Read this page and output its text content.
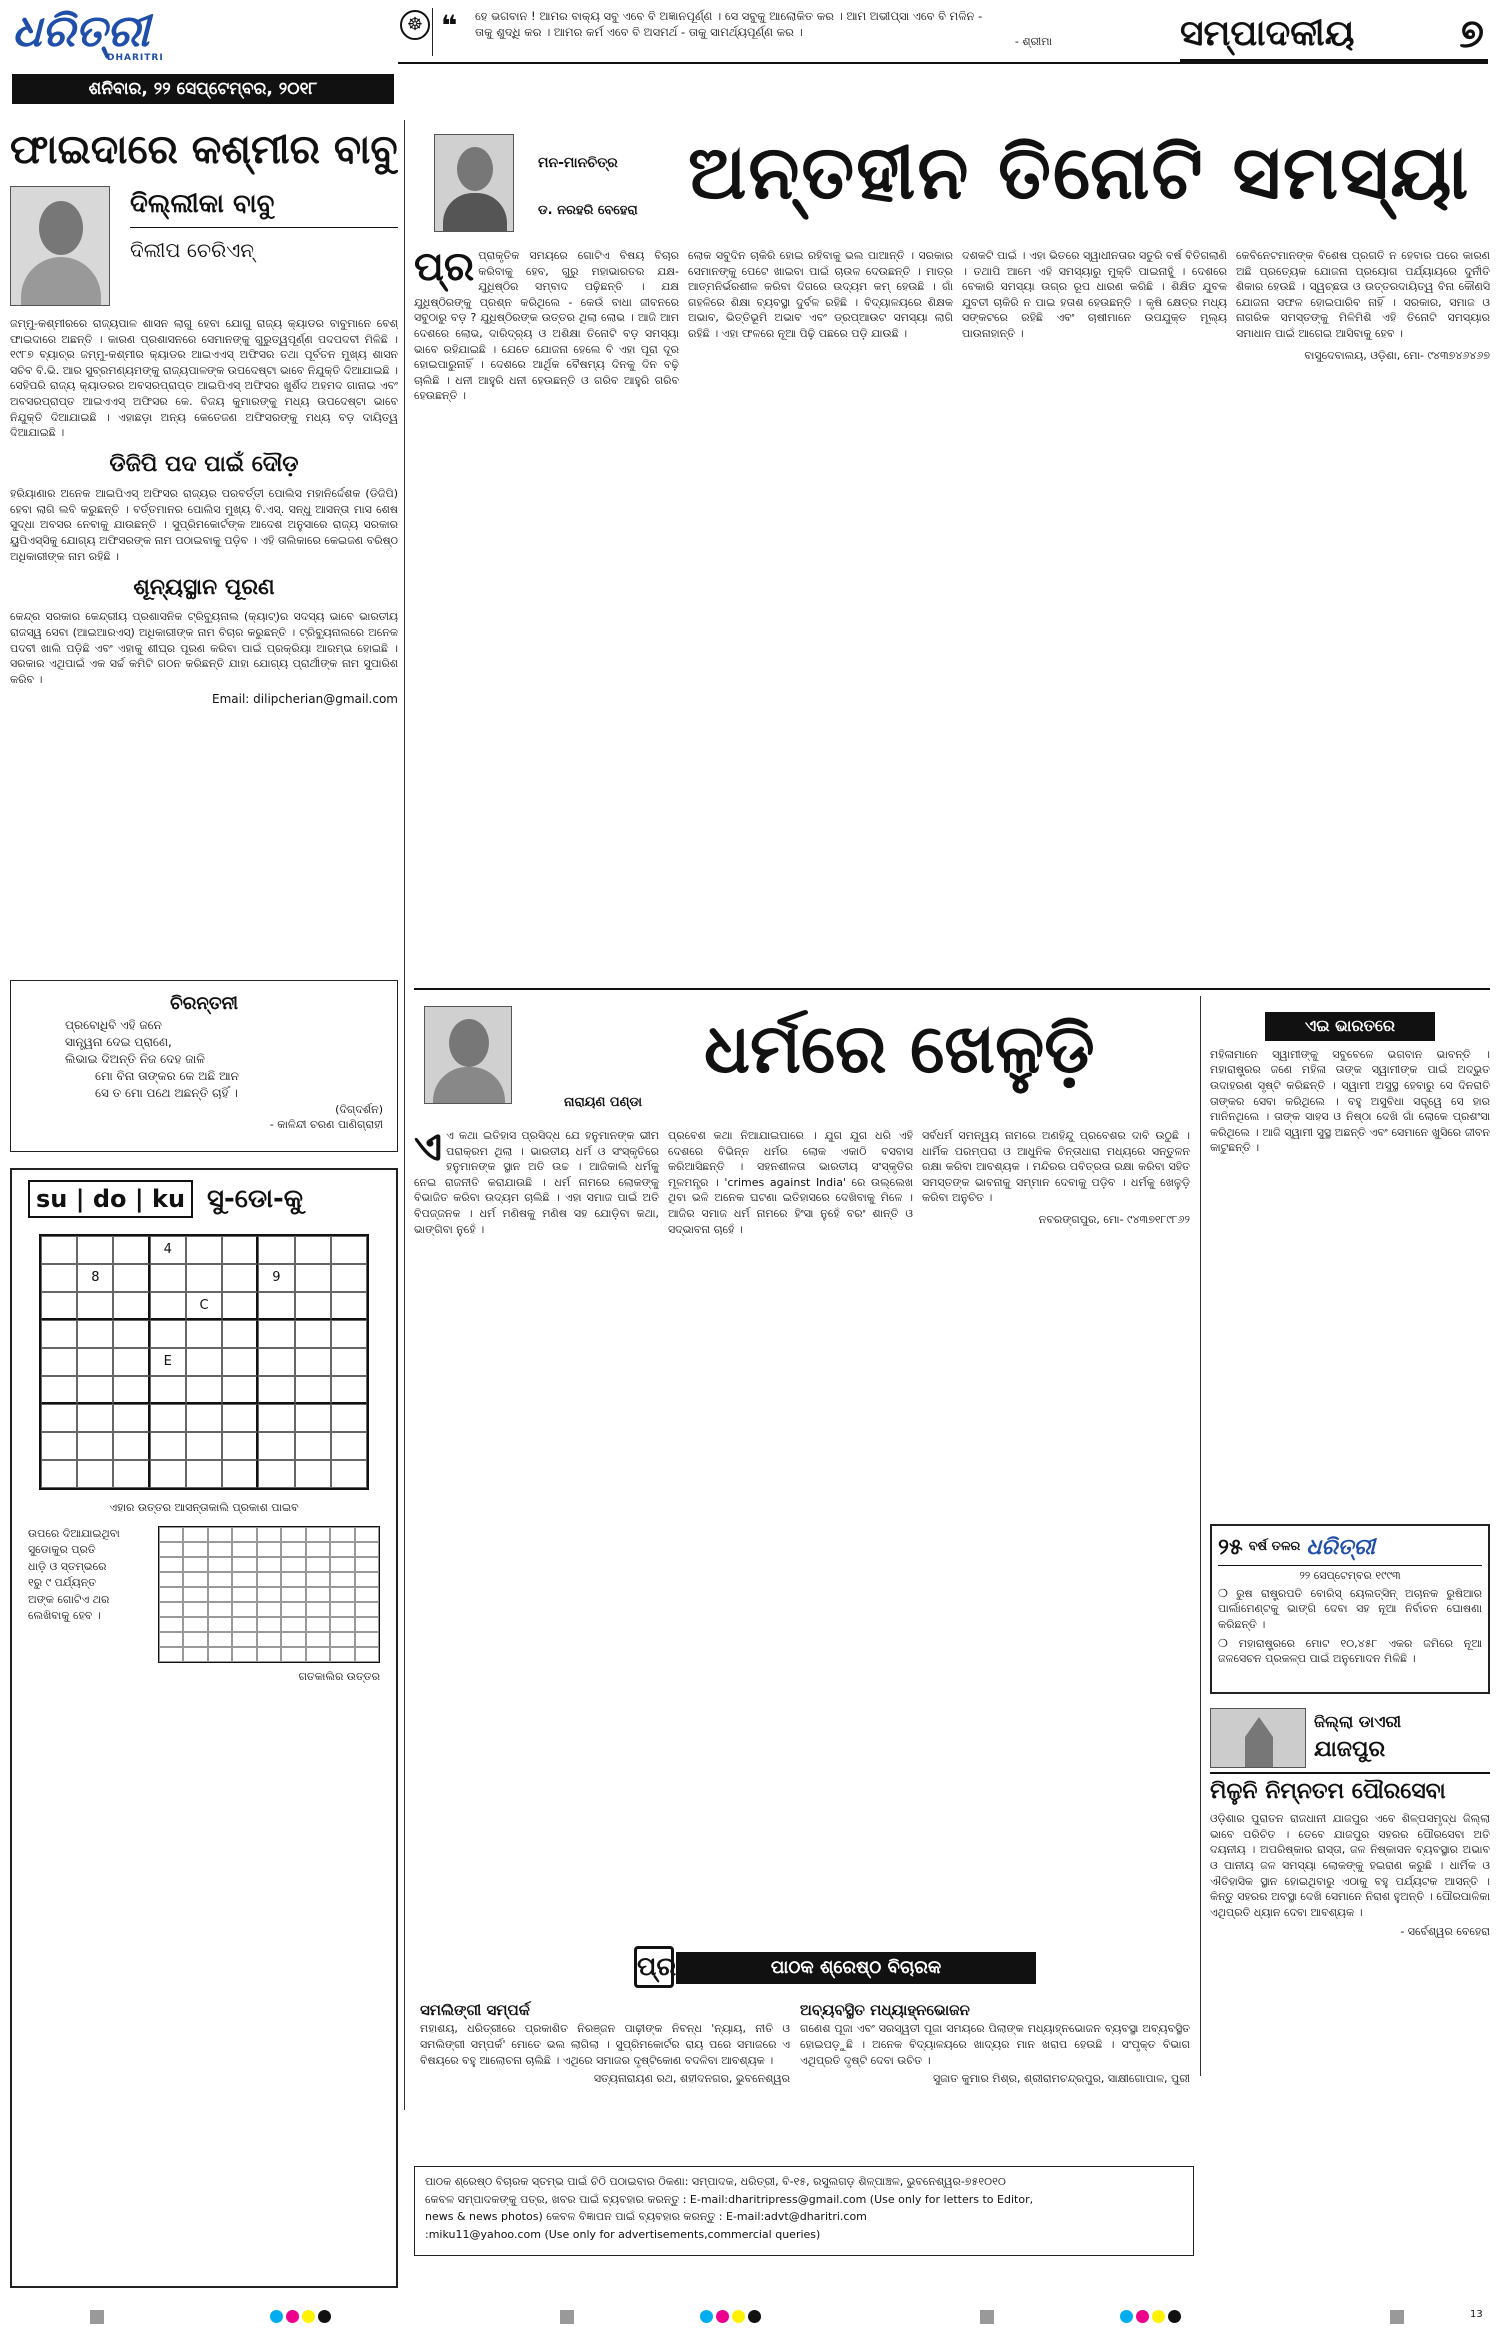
ଧରିତ୍ରୀ
DHARITRI
ଶନିବାର, ୨୨ ସେପ୍ଟେମ୍ବର, ୨୦୧୮
☸ ❝ ହେ ଭଗବାନ ! ଆମର ବାକ୍ୟ ସବୁ ଏବେ ବି ଅଜ୍ଞାନପୂର୍ଣ୍ଣ । ସେ ସବୁକୁ ଆଲୋକିତ କର । ଆମ ଅଭୀପ୍ସା ଏବେ ବି ମଳିନ -
ତାକୁ ଶୁଦ୍ଧି କର । ଆମର କର୍ମ ଏବେ ବି ଅସମର୍ଥ - ତାକୁ ସାମର୍ଥ୍ୟପୂର୍ଣ୍ଣ କର ।
- ଶ୍ରୀମା	ସମ୍ପାଦକୀୟ	୭
ଫାଇଦାରେ କଶ୍ମୀର ବାବୁ
ଦିଲ୍ଲୀକା ବାବୁ
ଦିଲୀପ ଚେରିଏନ୍‌

ଜମ୍ମୁ-କଶ୍ମୀରରେ ରାଜ୍ୟପାଳ ଶାସନ ଲାଗୁ ହେବା ଯୋଗୁ ରାଜ୍ୟ କ୍ୟାଡର ବାବୁମାନେ ବେଶ୍‌ ଫାଇଦାରେ ଅଛନ୍ତି । କାରଣ ପ୍ରଶାସନରେ ସେମାନଙ୍କୁ ଗୁରୁତ୍ୱପୂର୍ଣ୍ଣ ପଦପଦବୀ ମିଳିଛି । ୧୯୮୭ ବ୍ୟାଚ୍‌ର ଜମ୍ମୁ-କଶ୍ମୀର କ୍ୟାଡର ଆଇଏଏସ୍‌ ଅଫିସର ତଥା ପୂର୍ବତନ ମୁଖ୍ୟ ଶାସନ ସଚିବ ବି.ଭି. ଆର ସୁବ୍ରମଣ୍ୟମଙ୍କୁ ରାଜ୍ୟପାଳଙ୍କ ଉପଦେଷ୍ଟା ଭାବେ ନିଯୁକ୍ତି ଦିଆଯାଇଛି । ସେହିପରି ରାଜ୍ୟ କ୍ୟାଡରର ଅବସରପ୍ରାପ୍ତ ଆଇପିଏସ୍‌ ଅଫିସର ଖୁର୍ଶିଦ ଅହମଦ ଗାନାଇ ଏବଂ ଅବସରପ୍ରାପ୍ତ ଆଇଏଏସ୍‌ ଅଫିସର କେ. ବିଜୟ କୁମାରଙ୍କୁ ମଧ୍ୟ ଉପଦେଷ୍ଟା ଭାବେ ନିଯୁକ୍ତି ଦିଆଯାଇଛି । ଏହାଛଡ଼ା ଅନ୍ୟ କେତେଜଣ ଅଫିସରଙ୍କୁ ମଧ୍ୟ ବଡ଼ ଦାୟିତ୍ୱ ଦିଆଯାଇଛି ।

ଡିଜିପି ପଦ ପାଇଁ ଦୌଡ଼

ହରିୟାଣାର ଅନେକ ଆଇପିଏସ୍‌ ଅଫିସର ରାଜ୍ୟର ପରବର୍ତ୍ତୀ ପୋଲିସ ମହାନିର୍ଦ୍ଦେଶକ (ଡିଜିପି) ହେବା ଲାଗି ଲବି କରୁଛନ୍ତି । ବର୍ତ୍ତମାନର ପୋଲିସ ମୁଖ୍ୟ ବି.ଏସ୍‌. ସନ୍ଧୁ ଆସନ୍ତା ମାସ ଶେଷ ସୁଦ୍ଧା ଅବସର ନେବାକୁ ଯାଉଛନ୍ତି । ସୁପ୍ରିମକୋର୍ଟଙ୍କ ଆଦେଶ ଅନୁସାରେ ରାଜ୍ୟ ସରକାର ୟୁପିଏସ୍‌ସିକୁ ଯୋଗ୍ୟ ଅଫିସରଙ୍କ ନାମ ପଠାଇବାକୁ ପଡ଼ିବ । ଏହି ତାଲିକାରେ କେଇଜଣ ବରିଷ୍ଠ ଅଧିକାରୀଙ୍କ ନାମ ରହିଛି ।

ଶୂନ୍ୟସ୍ଥାନ ପୂରଣ

କେନ୍ଦ୍ର ସରକାର କେନ୍ଦ୍ରୀୟ ପ୍ରଶାସନିକ ଟ୍ରିବ୍ୟୁନାଲ (କ୍ୟାଟ୍‌)ର ସଦସ୍ୟ ଭାବେ ଭାରତୀୟ ରାଜସ୍ୱ ସେବା (ଆଇଆରଏସ୍‌) ଅଧିକାରୀଙ୍କ ନାମ ବିଚାର କରୁଛନ୍ତି । ଟ୍ରିବ୍ୟୁନାଲରେ ଅନେକ ପଦବୀ ଖାଲି ପଡ଼ିଛି ଏବଂ ଏହାକୁ ଶୀଘ୍ର ପୂରଣ କରିବା ପାଇଁ ପ୍ରକ୍ରିୟା ଆରମ୍ଭ ହୋଇଛି । ସରକାର ଏଥିପାଇଁ ଏକ ସର୍ଚ୍ଚ କମିଟି ଗଠନ କରିଛନ୍ତି ଯାହା ଯୋଗ୍ୟ ପ୍ରାର୍ଥୀଙ୍କ ନାମ ସୁପାରିଶ କରିବ ।

Email: dilipcherian@gmail.com
ଚିରନ୍ତନୀ
ପ୍ରବୋଧିବି ଏହି ଜନେ
ସାନ୍ତ୍ୱନା ଦେଇ ପ୍ରାଣେ,
ଲିଭାଇ ଦିଅନ୍ତି ନିଜ ଦେହ ଜାଳି
ମୋ ବିନା ତାଙ୍କର କେ ଅଛି ଆନ
ସେ ତ ମୋ ପଥେ ଅଛନ୍ତି ଚାହିଁ ।
(ଦିଗ୍‌ଦର୍ଶନ)
- କାଳିନ୍ଦୀ ଚରଣ ପାଣିଗ୍ରାହୀ
su | do | ku ସୁ-ଡୋ-କୁ
4
8	9
C
E
ଏହାର ଉତ୍ତର ଆସନ୍ତାକାଲି ପ୍ରକାଶ ପାଇବ
ଉପରେ ଦିଆଯାଇଥିବା
ସୁଡୋକୁର ପ୍ରତି
ଧାଡ଼ି ଓ ସ୍ତମ୍ଭରେ
୧ରୁ ୯ ପର୍ଯ୍ୟନ୍ତ
ଅଙ୍କ ଗୋଟିଏ ଥର
ଲେଖିବାକୁ ହେବ ।
ଗତକାଲିର ଉତ୍ତର
ମନ-ମାନଚିତ୍ର
ଡ. ନରହରି ବେହେରା ଅନ୍ତହୀନ ତିନୋଟି ସମସ୍ୟା
ପ୍ର ପ୍ରାକୃତିକ ସମୟରେ ଗୋଟିଏ ବିଷୟ ବିଚାର କରିବାକୁ ହେବ, ଗୁରୁ ମହାଭାରତର ଯକ୍ଷ-ଯୁଧିଷ୍ଠିର ସମ୍ବାଦ ପଢ଼ିଛନ୍ତି । ଯକ୍ଷ ଯୁଧିଷ୍ଠିରଙ୍କୁ ପ୍ରଶ୍ନ କରିଥିଲେ - କେଉଁ ବାଧା ଜୀବନରେ ସବୁଠାରୁ ବଡ଼ ? ଯୁଧିଷ୍ଠିରଙ୍କ ଉତ୍ତର ଥିଲା ଲୋଭ । ଆଜି ଆମ ଦେଶରେ ଲୋଭ, ଦାରିଦ୍ର୍ୟ ଓ ଅଶିକ୍ଷା ତିନୋଟି ବଡ଼ ସମସ୍ୟା ଭାବେ ରହିଯାଇଛି । ଯେତେ ଯୋଜନା ହେଲେ ବି ଏହା ପୂରା ଦୂର ହୋଇପାରୁନାହିଁ । ଦେଶରେ ଆର୍ଥିକ ବୈଷମ୍ୟ ଦିନକୁ ଦିନ ବଢ଼ି ଚାଲିଛି । ଧନୀ ଆହୁରି ଧନୀ ହେଉଛନ୍ତି ଓ ଗରିବ ଆହୁରି ଗରିବ ହେଉଛନ୍ତି ।

ଲୋକ ସବୁଦିନ ଚାକିରି ହୋଇ ରହିବାକୁ ଭଲ ପାଆନ୍ତି । ସରକାର ସେମାନଙ୍କୁ ପେଟେ ଖାଇବା ପାଇଁ ଚାଉଳ ଦେଉଛନ୍ତି । ମାତ୍ର ଆତ୍ମନିର୍ଭରଶୀଳ କରିବା ଦିଗରେ ଉଦ୍ୟମ କମ୍‌ ହେଉଛି । ଗାଁ ଗହଳିରେ ଶିକ୍ଷା ବ୍ୟବସ୍ଥା ଦୁର୍ବଳ ରହିଛି । ବିଦ୍ୟାଳୟରେ ଶିକ୍ଷକ ଅଭାବ, ଭିତ୍ତିଭୂମି ଅଭାବ ଏବଂ ଡ୍ରପ୍‌ଆଉଟ ସମସ୍ୟା ଲାଗି ରହିଛି । ଏହା ଫଳରେ ନୂଆ ପିଢ଼ି ପଛରେ ପଡ଼ି ଯାଉଛି ।

ଦଶକଟି ପାଇଁ । ଏହା ଭିତରେ ସ୍ୱାଧୀନତାର ସତୁରି ବର୍ଷ ବିତିଗଲାଣି । ତଥାପି ଆମେ ଏହି ସମସ୍ୟାରୁ ମୁକ୍ତି ପାଇନାହୁଁ । ଦେଶରେ ବେକାରି ସମସ୍ୟା ଉଗ୍ର ରୂପ ଧାରଣ କରିଛି । ଶିକ୍ଷିତ ଯୁବକ ଯୁବତୀ ଚାକିରି ନ ପାଇ ହତାଶ ହେଉଛନ୍ତି । କୃଷି କ୍ଷେତ୍ର ମଧ୍ୟ ସଙ୍କଟରେ ରହିଛି ଏବଂ ଚାଷୀମାନେ ଉପଯୁକ୍ତ ମୂଲ୍ୟ ପାଉନାହାନ୍ତି ।

କେବିନେଟମାନଙ୍କ ବିଶେଷ ପ୍ରଗତି ନ ହେବାର ପରେ କାରଣ ଅଛି ପ୍ରତ୍ୟେକ ଯୋଜନା ପ୍ରୟୋଗ ପର୍ଯ୍ୟାୟରେ ଦୁର୍ନୀତି ଶିକାର ହେଉଛି । ସ୍ୱଚ୍ଛତା ଓ ଉତ୍ତରଦାୟିତ୍ୱ ବିନା କୌଣସି ଯୋଜନା ସଫଳ ହୋଇପାରିବ ନାହିଁ । ସରକାର, ସମାଜ ଓ ନାଗରିକ ସମସ୍ତଙ୍କୁ ମିଳିମିଶି ଏହି ତିନୋଟି ସମସ୍ୟାର ସମାଧାନ ପାଇଁ ଆଗେଇ ଆସିବାକୁ ହେବ ।

ବାସୁଦେବାଲୟ, ଓଡ଼ିଶା, ମୋ- ୯୪୩୭୪୬୪୬୭
ନାରାୟଣ ପଣ୍ଡା
ଧର୍ମରେ ଖେଳୁଡ଼ି
ଏ ଏ କଥା ଇତିହାସ ପ୍ରସିଦ୍ଧ ଯେ ହନୁମାନଙ୍କ ଭୀମ ପରାକ୍ରମ ଥିଲା । ଭାରତୀୟ ଧର୍ମ ଓ ସଂସ୍କୃତିରେ ହନୁମାନଙ୍କ ସ୍ଥାନ ଅତି ଉଚ୍ଚ । ଆଜିକାଲି ଧର୍ମକୁ ନେଇ ରାଜନୀତି କରାଯାଉଛି । ଧର୍ମ ନାମରେ ଲୋକଙ୍କୁ ବିଭାଜିତ କରିବା ଉଦ୍ୟମ ଚାଲିଛି । ଏହା ସମାଜ ପାଇଁ ଅତି ବିପଜ୍ଜନକ । ଧର୍ମ ମଣିଷକୁ ମଣିଷ ସହ ଯୋଡ଼ିବା କଥା, ଭାଙ୍ଗିବା ନୁହେଁ ।

ପ୍ରବେଶ କଥା ନିଆଯାଇପାରେ । ଯୁଗ ଯୁଗ ଧରି ଏହି ଦେଶରେ ବିଭିନ୍ନ ଧର୍ମର ଲୋକ ଏକାଠି ବସବାସ କରିଆସିଛନ୍ତି । ସହନଶୀଳତା ଭାରତୀୟ ସଂସ୍କୃତିର ମୂଳମନ୍ତ୍ର । 'crimes against India' ରେ ଉଲ୍ଲେଖ ଥିବା ଭଳି ଅନେକ ଘଟଣା ଇତିହାସରେ ଦେଖିବାକୁ ମିଳେ । ଆଜିର ସମାଜ ଧର୍ମ ନାମରେ ହିଂସା ନୁହେଁ ବରଂ ଶାନ୍ତି ଓ ସଦ୍‌ଭାବନା ଚାହେଁ ।

ସର୍ବଧର୍ମ ସମନ୍ୱୟ ନାମରେ ଅଣହିନ୍ଦୁ ପ୍ରବେଶର ଦାବି ଉଠୁଛି । ଧାର୍ମିକ ପରମ୍ପରା ଓ ଆଧୁନିକ ଚିନ୍ତାଧାରା ମଧ୍ୟରେ ସନ୍ତୁଳନ ରକ୍ଷା କରିବା ଆବଶ୍ୟକ । ମନ୍ଦିରର ପବିତ୍ରତା ରକ୍ଷା କରିବା ସହିତ ସମସ୍ତଙ୍କ ଭାବନାକୁ ସମ୍ମାନ ଦେବାକୁ ପଡ଼ିବ । ଧର୍ମକୁ ଖେଳୁଡ଼ି କରିବା ଅନୁଚିତ ।

ନବରଙ୍ଗପୁର, ମୋ- ୯୪୩୭୧୮୯୮୬୨
ଏଇ ଭାରତରେ

ମହିଳାମାନେ ସ୍ୱାମୀଙ୍କୁ ସବୁବେଳେ ଭଗବାନ ଭାବନ୍ତି । ମହାରାଷ୍ଟ୍ରର ଜଣେ ମହିଳା ତାଙ୍କ ସ୍ୱାମୀଙ୍କ ପାଇଁ ଅଦ୍ଭୁତ ଉଦାହରଣ ସୃଷ୍ଟି କରିଛନ୍ତି । ସ୍ୱାମୀ ଅସୁସ୍ଥ ହେବାରୁ ସେ ଦିନରାତି ତାଙ୍କର ସେବା କରିଥିଲେ । ବହୁ ଅସୁବିଧା ସତ୍ତ୍ୱେ ସେ ହାର ମାନିନଥିଲେ । ତାଙ୍କ ସାହସ ଓ ନିଷ୍ଠା ଦେଖି ଗାଁ ଲୋକେ ପ୍ରଶଂସା କରିଥିଲେ । ଆଜି ସ୍ୱାମୀ ସୁସ୍ଥ ଅଛନ୍ତି ଏବଂ ସେମାନେ ଖୁସିରେ ଜୀବନ କାଟୁଛନ୍ତି ।

୨୫ ବର୍ଷ ତଳର ଧରିତ୍ରୀ
୨୨ ସେପ୍ଟେମ୍ବର ୧୯୯୩

❍ ରୁଷ ରାଷ୍ଟ୍ରପତି ବୋରିସ୍‌ ୟେଲତ୍‌ସିନ୍‌ ଅଚାନକ ରୁଷିଆର ପାର୍ଲାମେଣ୍ଟକୁ ଭାଙ୍ଗି ଦେବା ସହ ନୂଆ ନିର୍ବାଚନ ଘୋଷଣା କରିଛନ୍ତି ।

❍ ମହାରାଷ୍ଟ୍ରରେ ମୋଟ ୧୦,୪୫୮ ଏକର ଜମିରେ ନୂଆ ଜଳସେଚନ ପ୍ରକଳ୍ପ ପାଇଁ ଅନୁମୋଦନ ମିଳିଛି ।

ଜିଲ୍ଲା ଡାଏରୀ
ଯାଜପୁର
ମିଳୁନି ନିମ୍ନତମ ପୌରସେବା

ଓଡ଼ିଶାର ପୁରାତନ ରାଜଧାନୀ ଯାଜପୁର ଏବେ ଶିଳ୍ପସମୃଦ୍ଧ ଜିଲ୍ଲା ଭାବେ ପରିଚିତ । ତେବେ ଯାଜପୁର ସହରର ପୌରସେବା ଅତି ଦୟନୀୟ । ଅପରିଷ୍କାର ରାସ୍ତା, ଜଳ ନିଷ୍କାସନ ବ୍ୟବସ୍ଥାର ଅଭାବ ଓ ପାନୀୟ ଜଳ ସମସ୍ୟା ଲୋକଙ୍କୁ ହଇରାଣ କରୁଛି । ଧାର୍ମିକ ଓ ଐତିହାସିକ ସ୍ଥାନ ହୋଇଥିବାରୁ ଏଠାକୁ ବହୁ ପର୍ଯ୍ୟଟକ ଆସନ୍ତି । କିନ୍ତୁ ସହରର ଅବସ୍ଥା ଦେଖି ସେମାନେ ନିରାଶ ହୁଅନ୍ତି । ପୌରପାଳିକା ଏଥିପ୍ରତି ଧ୍ୟାନ ଦେବା ଆବଶ୍ୟକ ।

- ସର୍ବେଶ୍ୱର ବେହେରା
ପ୍ର	ପାଠକ ଶ୍ରେଷ୍ଠ ବିଚାରକ
ସମଲିଙ୍ଗୀ ସମ୍ପର୍କ

ମହାଶୟ, ଧରିତ୍ରୀରେ ପ୍ରକାଶିତ ନିରଞ୍ଜନ ପାଢ଼ୀଙ୍କ ନିବନ୍ଧ 'ନ୍ୟାୟ, ନୀତି ଓ ସମଲିଙ୍ଗୀ ସମ୍ପର୍କ' ମୋତେ ଭଲ ଲାଗିଲା । ସୁପ୍ରିମକୋର୍ଟର ରାୟ ପରେ ସମାଜରେ ଏ ବିଷୟରେ ବହୁ ଆଲୋଚନା ଚାଲିଛି । ଏଥିରେ ସମାଜର ଦୃଷ୍ଟିକୋଣ ବଦଳିବା ଆବଶ୍ୟକ ।

ସତ୍ୟନାରାୟଣ ରଥ, ଶହୀଦନଗର, ଭୁବନେଶ୍ୱର
ଅବ୍ୟବସ୍ଥିତ ମଧ୍ୟାହ୍ନଭୋଜନ

ଗଣେଶ ପୂଜା ଏବଂ ସରସ୍ୱତୀ ପୂଜା ସମୟରେ ପିଲାଙ୍କ ମଧ୍ୟାହ୍ନଭୋଜନ ବ୍ୟବସ୍ଥା ଅବ୍ୟବସ୍ଥିତ ହୋଇପଡ଼ୁଛି । ଅନେକ ବିଦ୍ୟାଳୟରେ ଖାଦ୍ୟର ମାନ ଖରାପ ହେଉଛି । ସଂପୃକ୍ତ ବିଭାଗ ଏଥିପ୍ରତି ଦୃଷ୍ଟି ଦେବା ଉଚିତ ।

ସୁଜାତ କୁମାର ମିଶ୍ର, ଶ୍ରୀରାମଚନ୍ଦ୍ରପୁର, ସାକ୍ଷୀଗୋପାଳ, ପୁରୀ
ପାଠକ ଶ୍ରେଷ୍ଠ ବିଚାରକ ସ୍ତମ୍ଭ ପାଇଁ ଚିଠି ପଠାଇବାର ଠିକଣା: ସମ୍ପାଦକ, ଧରିତ୍ରୀ, ବି-୧୫, ରସୁଲଗଡ଼ ଶିଳ୍ପାଞ୍ଚଳ, ଭୁବନେଶ୍ୱର-୭୫୧୦୧୦
କେବଳ ସମ୍ପାଦକଙ୍କୁ ପତ୍ର, ଖବର ପାଇଁ ବ୍ୟବହାର କରନ୍ତୁ : E-mail:dharitripress@gmail.com (Use only for letters to Editor,
news & news photos) କେବଳ ବିଜ୍ଞାପନ ପାଇଁ ବ୍ୟବହାର କରନ୍ତୁ : E-mail:advt@dharitri.com
:miku11@yahoo.com (Use only for advertisements,commercial queries)
13
